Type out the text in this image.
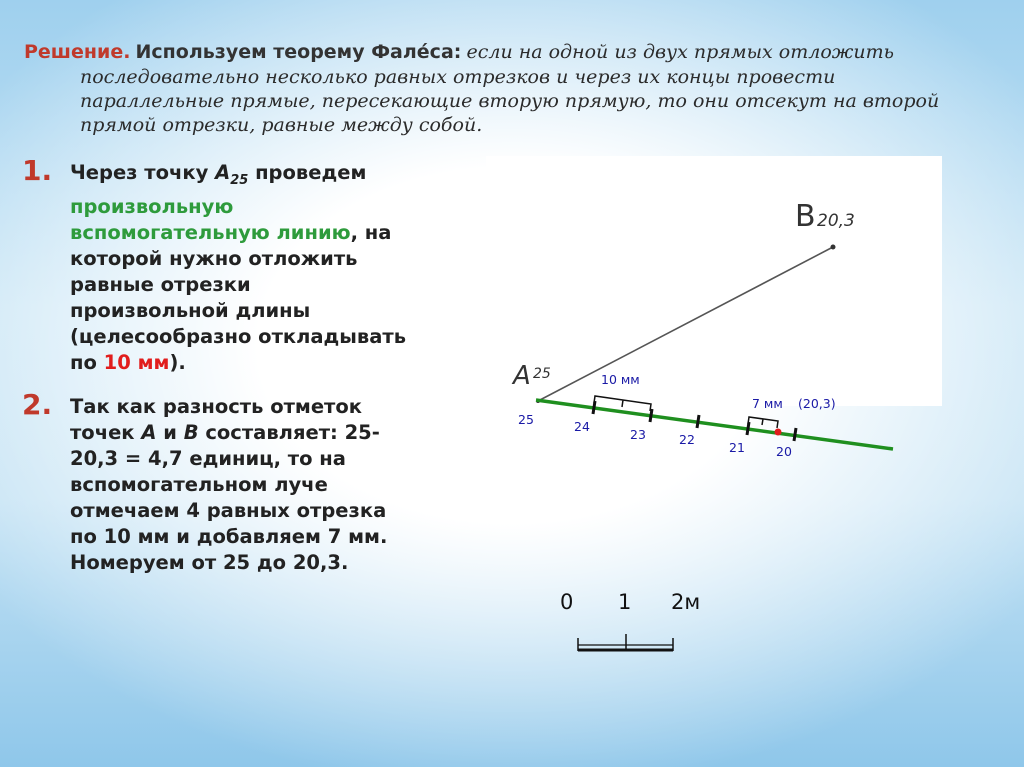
Решение. Используем теорему Фале́са: если на одной из двух прямых отложить
последовательно несколько равных отрезков и через их концы провести
параллельные прямые, пересекающие вторую прямую, то они отсекут на второй
прямой отрезки, равные между собой.
1. Через точку $A_{25}$ проведем
произвольную
вспомогательную линию, на
которой нужно отложить
равные отрезки
произвольной длины
(целесообразно откладывать
по 10 мм).
2. Так как разность отметок
точек А и В составляет: 25-
20,3 = 4,7 единиц, то на
вспомогательном луче
отмечаем 4 равных отрезка
по 10 мм и добавляем 7 мм.
Номеруем от 25 до 20,3.
A 25
B 20,3
10 мм
7 мм (20,3)
25	24
23	22
21 20
0 1 2м
